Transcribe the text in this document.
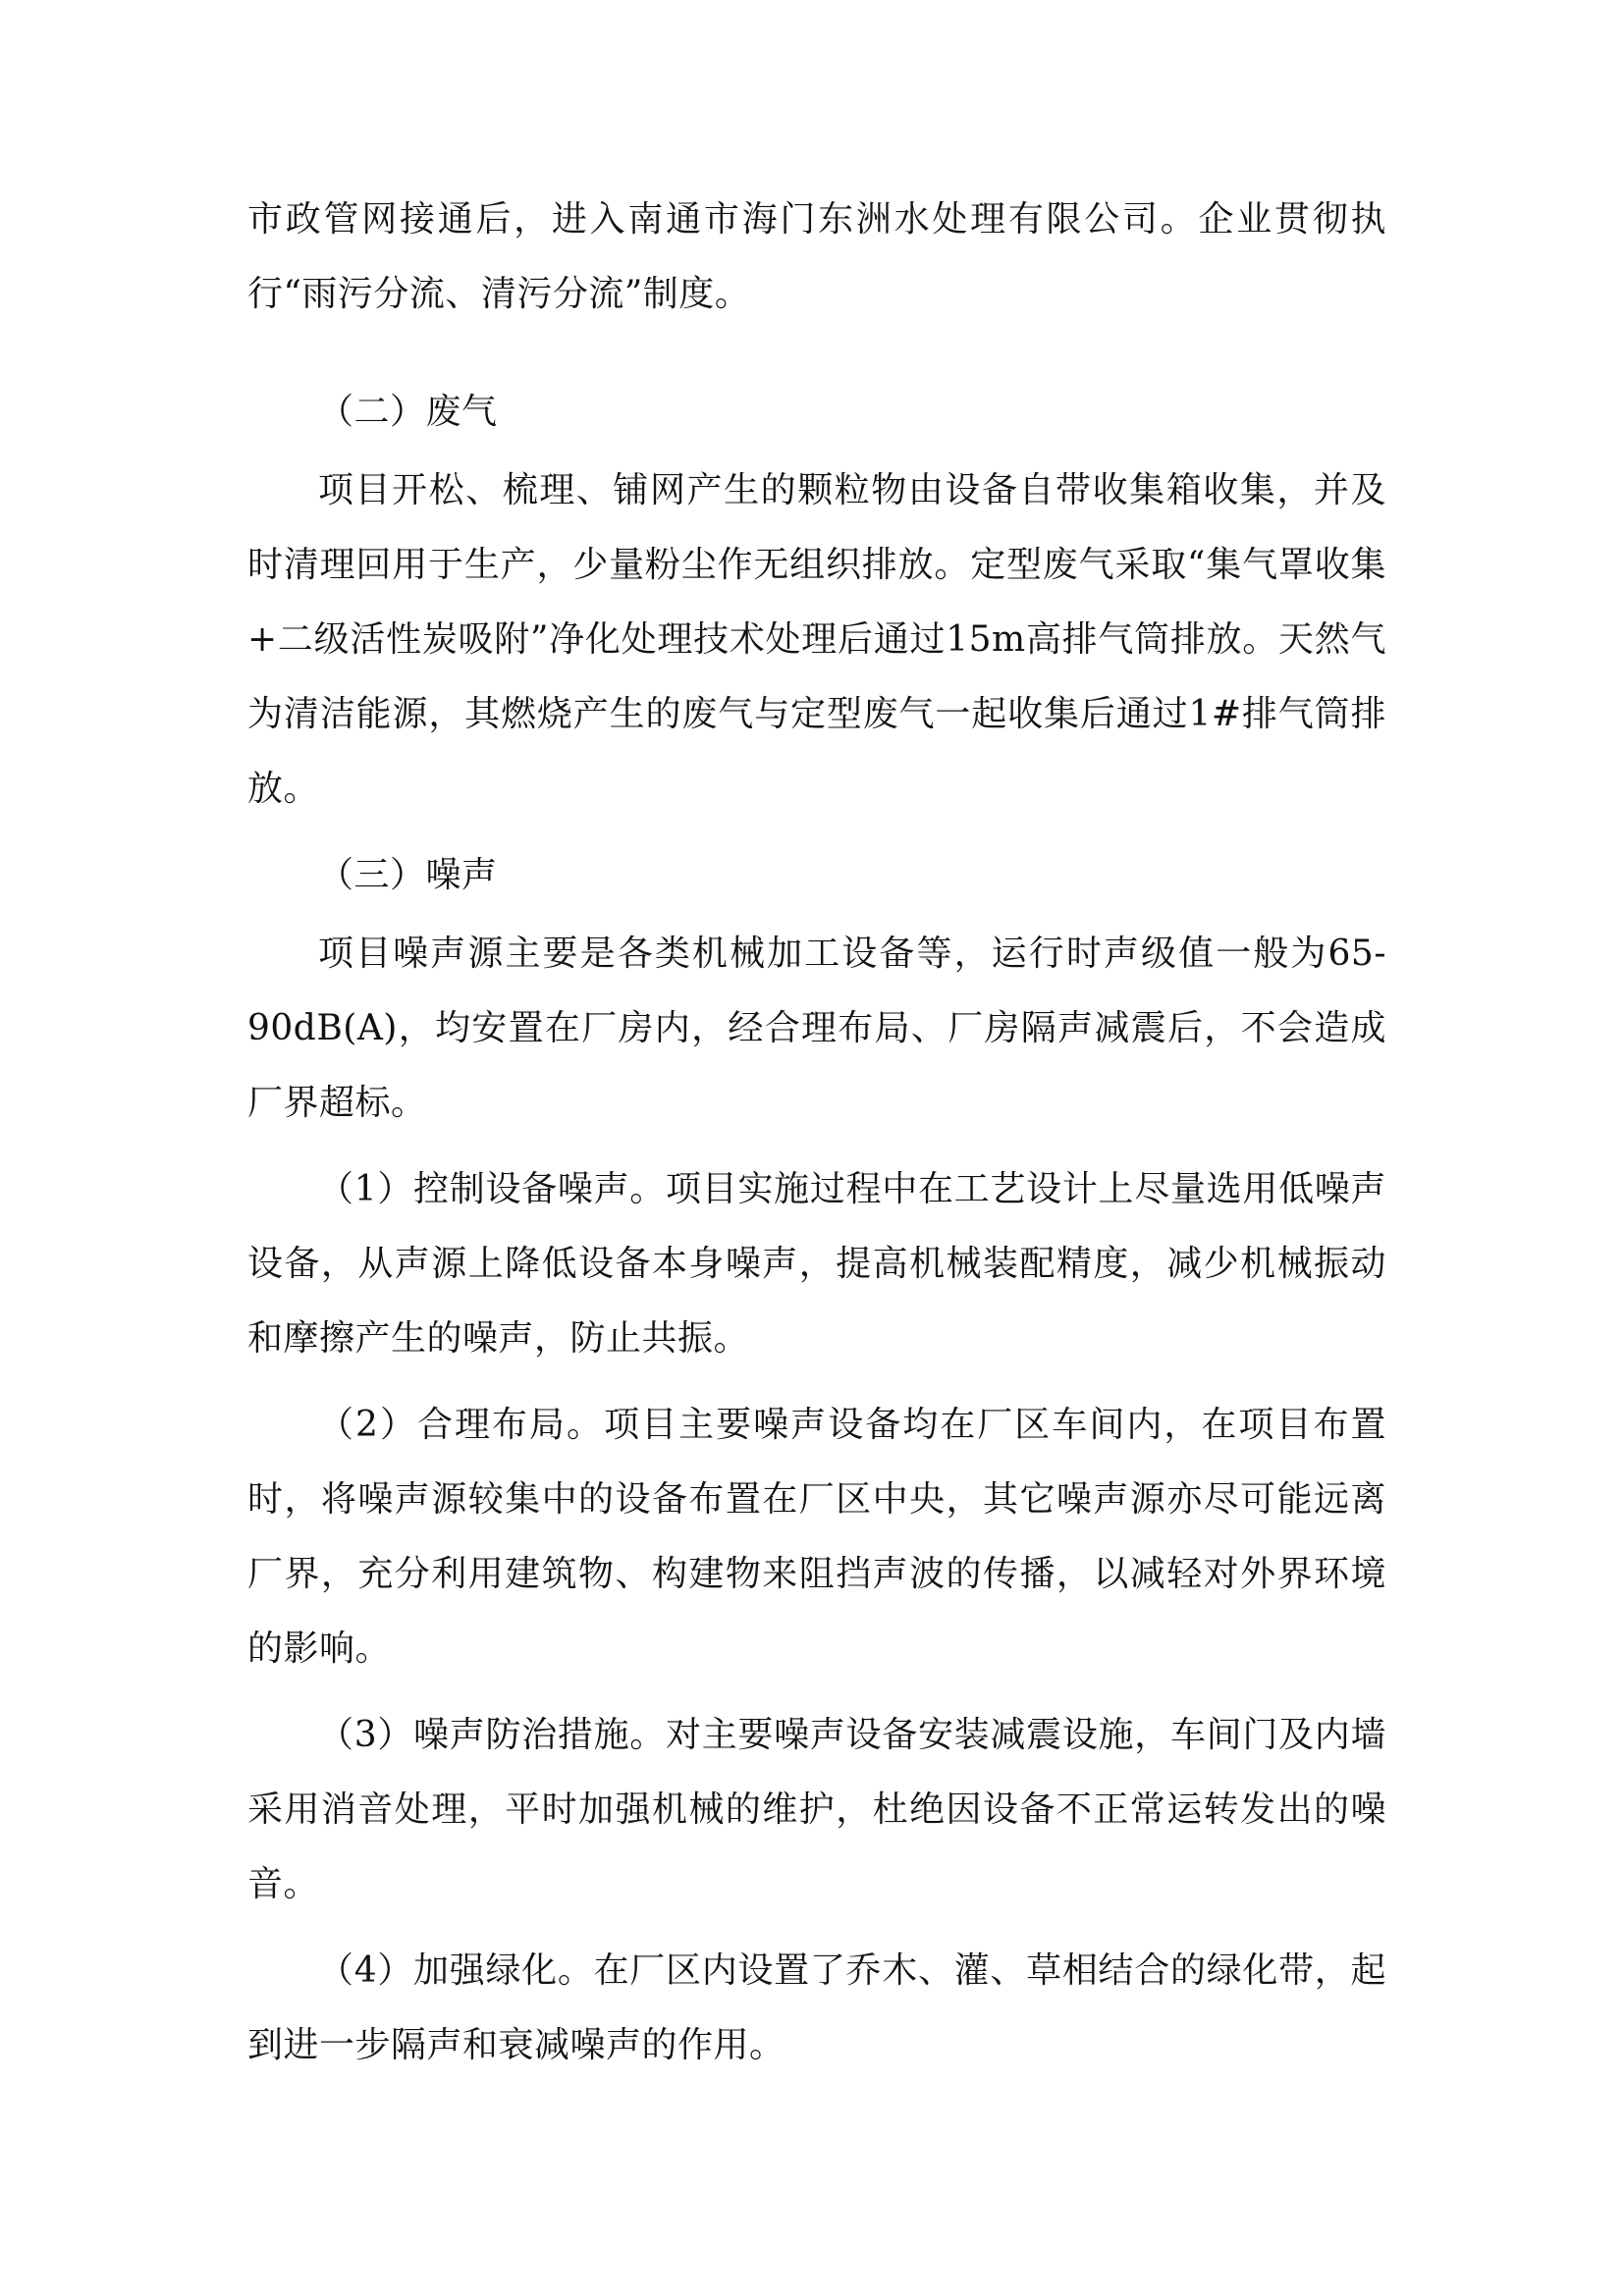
市政管网接通后，进入南通市海门东洲水处理有限公司。企业贯彻执行“雨污分流、清污分流”制度。

（二）废气

项目开松、梳理、铺网产生的颗粒物由设备自带收集箱收集，并及时清理回用于生产，少量粉尘作无组织排放。定型废气采取“集气罩收集+二级活性炭吸附”净化处理技术处理后通过15m高排气筒排放。天然气为清洁能源，其燃烧产生的废气与定型废气一起收集后通过1#排气筒排放。

（三）噪声

项目噪声源主要是各类机械加工设备等，运行时声级值一般为65-90dB(A)，均安置在厂房内，经合理布局、厂房隔声减震后，不会造成厂界超标。

（1）控制设备噪声。项目实施过程中在工艺设计上尽量选用低噪声设备，从声源上降低设备本身噪声，提高机械装配精度，减少机械振动和摩擦产生的噪声，防止共振。

（2）合理布局。项目主要噪声设备均在厂区车间内，在项目布置时，将噪声源较集中的设备布置在厂区中央，其它噪声源亦尽可能远离厂界，充分利用建筑物、构建物来阻挡声波的传播，以减轻对外界环境的影响。

（3）噪声防治措施。对主要噪声设备安装减震设施，车间门及内墙采用消音处理，平时加强机械的维护，杜绝因设备不正常运转发出的噪音。

（4）加强绿化。在厂区内设置了乔木、灌、草相结合的绿化带，起到进一步隔声和衰减噪声的作用。
